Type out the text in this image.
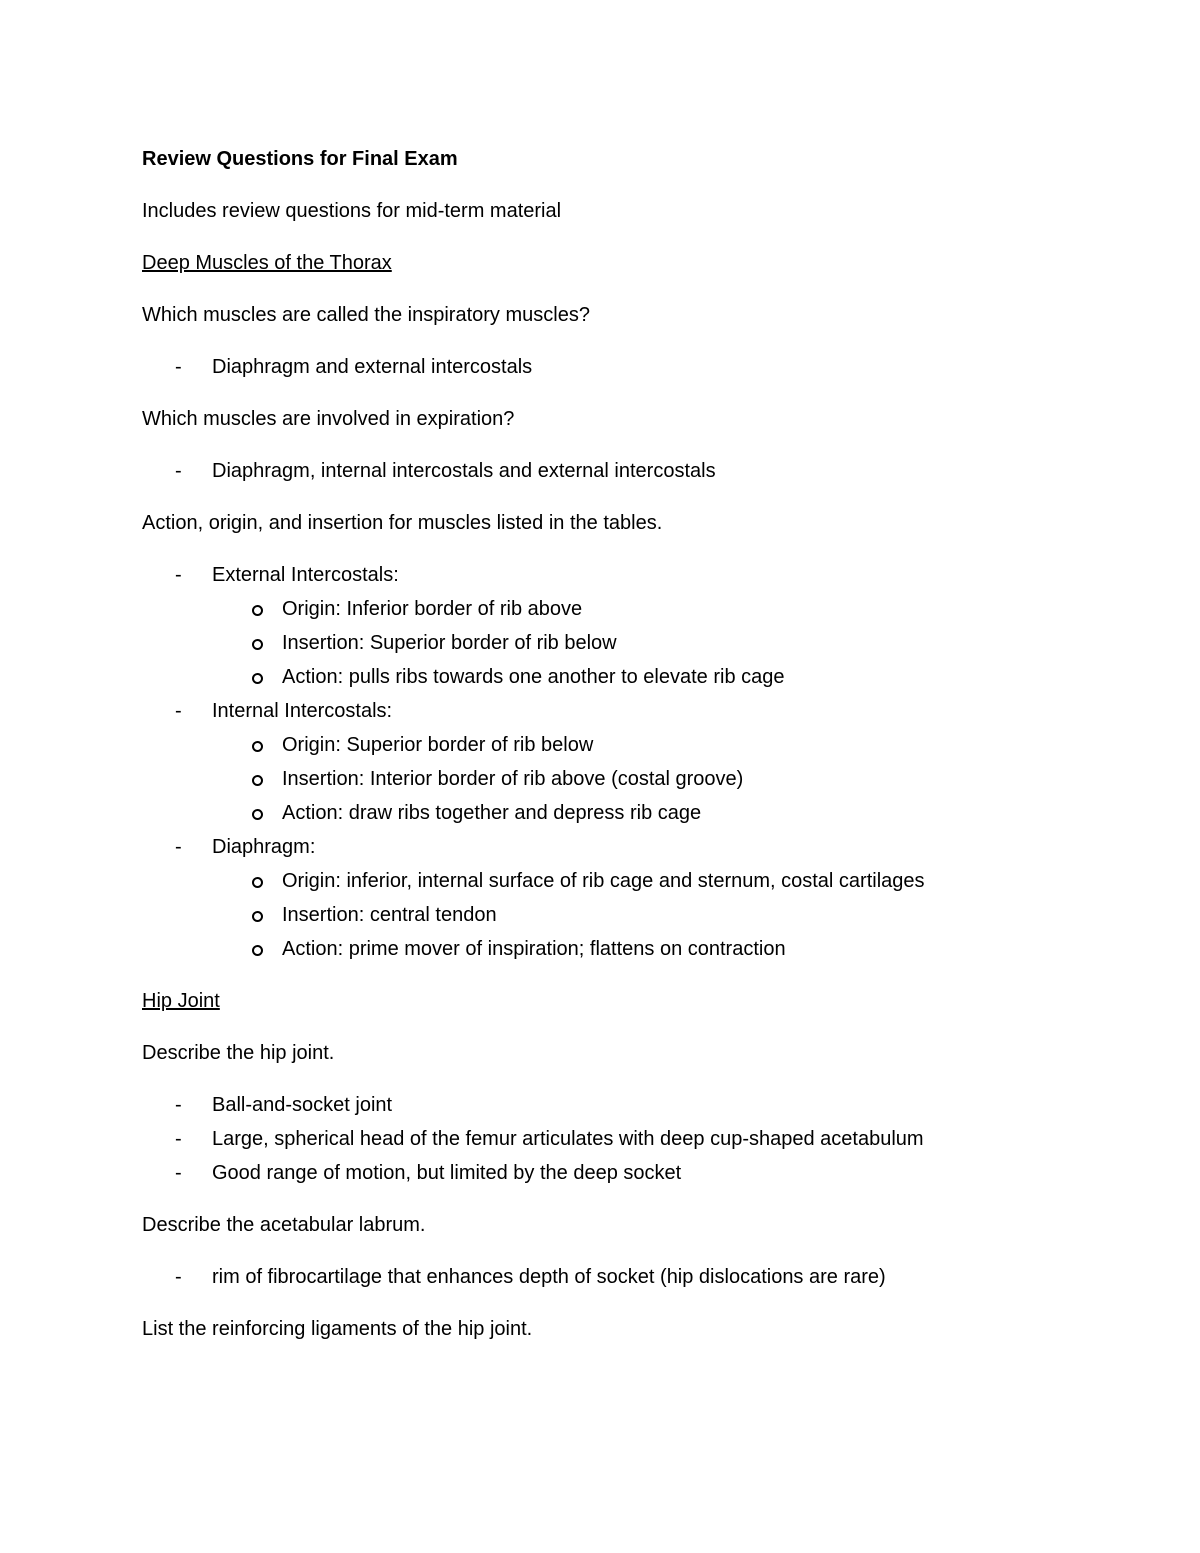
Review Questions for Final Exam

Includes review questions for mid-term material

Deep Muscles of the Thorax

Which muscles are called the inspiratory muscles?

- Diaphragm and external intercostals

Which muscles are involved in expiration?

- Diaphragm, internal intercostals and external intercostals

Action, origin, and insertion for muscles listed in the tables.

- External Intercostals:
Origin: Inferior border of rib above
Insertion: Superior border of rib below
Action: pulls ribs towards one another to elevate rib cage
- Internal Intercostals:
Origin: Superior border of rib below
Insertion: Interior border of rib above (costal groove)
Action: draw ribs together and depress rib cage
- Diaphragm:
Origin: inferior, internal surface of rib cage and sternum, costal cartilages
Insertion: central tendon
Action: prime mover of inspiration; flattens on contraction

Hip Joint

Describe the hip joint.

- Ball-and-socket joint
- Large, spherical head of the femur articulates with deep cup-shaped acetabulum
- Good range of motion, but limited by the deep socket

Describe the acetabular labrum.

- rim of fibrocartilage that enhances depth of socket (hip dislocations are rare)

List the reinforcing ligaments of the hip joint.
